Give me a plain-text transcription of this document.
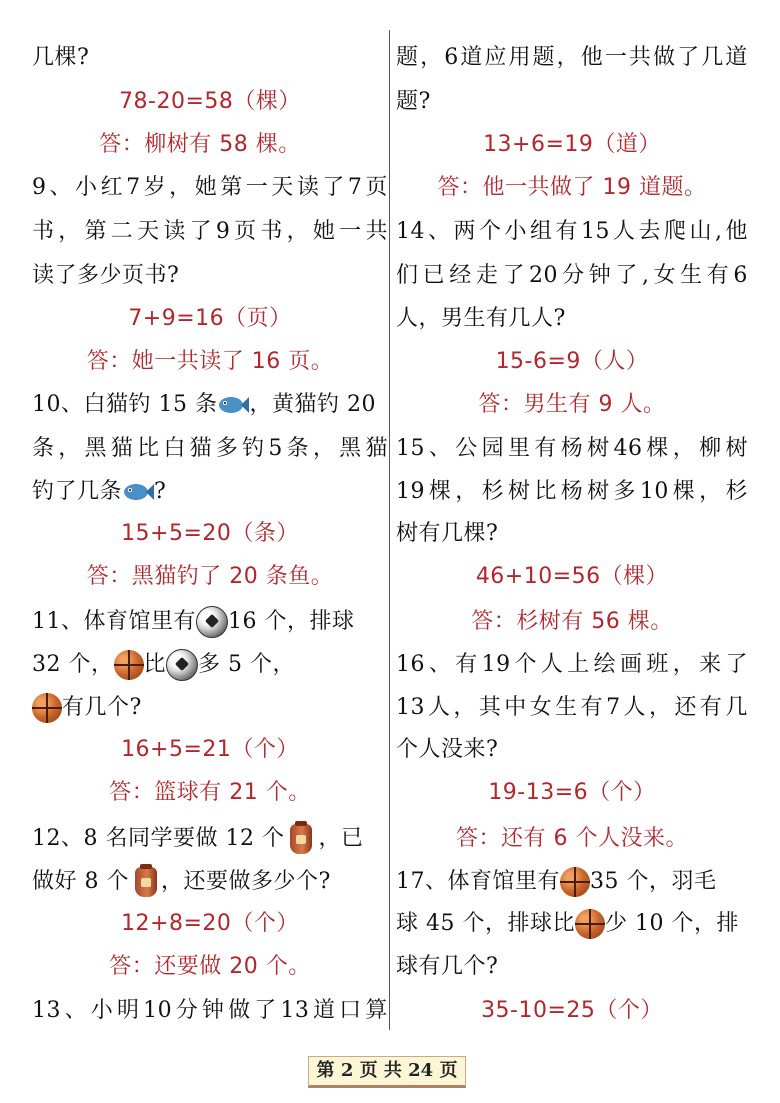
几棵?
78-20=58（棵）
答：柳树有 58 棵。
9 、 小 红 7 岁 ， 她 第 一 天 读 了 7 页
书 ， 第 二 天 读 了 9 页 书 ， 她 一 共
读了多少页书?
7+9=16（页）
答：她一共读了 16 页。
10、白猫钓 15 条 ，黄猫钓 20
条 ， 黑 猫 比 白 猫 多 钓 5 条 ， 黑 猫
钓了几条 ?
15+5=20（条）
答：黑猫钓了 20 条鱼。
11、体育馆里有 16 个，排球
32 个， 比 多 5 个，
有几个?
16+5=21（个）
答：篮球有 21 个。
12、8 名同学要做 12 个 ，已
做好 8 个 ，还要做多少个?
12+8=20（个）
答：还要做 20 个。
13 、 小 明 10 分 钟 做 了 13 道 口 算
题 ， 6 道 应 用 题 ， 他 一 共 做 了 几 道
题?
13+6=19（道）
答：他一共做了 19 道题。
14 、 两 个 小 组 有 15 人 去 爬 山 , 他
们 已 经 走 了 20 分 钟 了 , 女 生 有 6
人，男生有几人?
15-6=9（人）
答：男生有 9 人。
15 、 公 园 里 有 杨 树 46 棵 ， 柳 树
19 棵 ， 杉 树 比 杨 树 多 10 棵 ， 杉
树有几棵?
46+10=56（棵）
答：杉树有 56 棵。
16 、 有 19 个 人 上 绘 画 班 ， 来 了
13 人 ， 其 中 女 生 有 7 人 ， 还 有 几
个人没来?
19-13=6（个）
答：还有 6 个人没来。
17、体育馆里有 35 个，羽毛
球 45 个，排球比 少 10 个，排
球有几个?
35-10=25（个）
第 2 页 共 24 页
